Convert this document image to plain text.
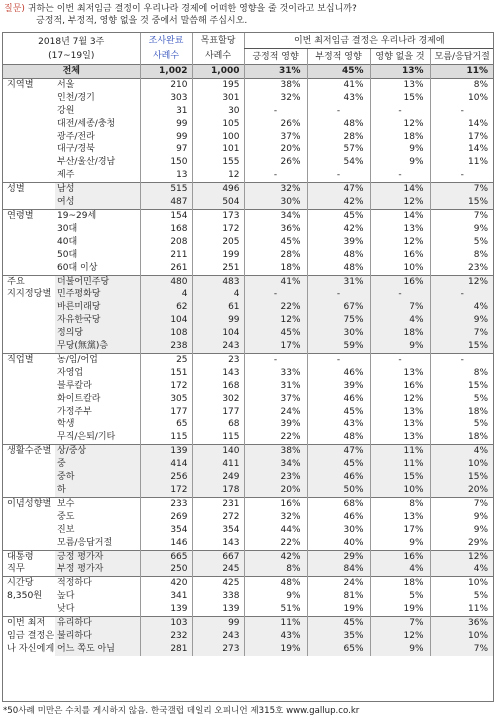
질문) 귀하는 이번 최저임금 결정이 우리나라 경제에 어떠한 영향을 줄 것이라고 보십니까?
긍정적, 부정적, 영향 없을 것 중에서 말씀해 주십시오.
2018년 7월 3주
(17~19일)		조사완료	목표할당	이번 최저임금 결정은 우리나라 경제에			
		사례수	사례수	긍정적 영향	부정적 영향	영향 없을 것	모름/응답거절
전체		1,002	1,000	31%	45%	13%	11%

지역별	서울	210	195	38%	41%	13%	8%
	인천/경기	303	301	32%	43%	15%	10%
	강원	31	30	-	-	-	-
	대전/세종/충청	99	105	26%	48%	12%	14%
	광주/전라	99	100	37%	28%	18%	17%
	대구/경북	97	101	20%	57%	9%	14%
	부산/울산/경남	150	155	26%	54%	9%	11%
	제주	13	12	-	-	-	-

성별	남성	515	496	32%	47%	14%	7%
	여성	487	504	30%	42%	12%	15%

연령별	19~29세	154	173	34%	45%	14%	7%
	30대	168	172	36%	42%	13%	9%
	40대	208	205	45%	39%	12%	5%
	50대	211	199	28%	48%	16%	8%
	60대 이상	261	251	18%	48%	10%	23%

주요
지지정당별	더불어민주당	480	483	41%	31%	16%	12%
	민주평화당	4	4	-	-	-	-
	바른미래당	62	61	22%	67%	7%	4%
	자유한국당	104	99	12%	75%	4%	9%
	정의당	108	104	45%	30%	18%	7%
	무당(無黨)층	238	243	17%	59%	9%	15%

직업별	농/임/어업	25	23	-	-	-	-
	자영업	151	143	33%	46%	13%	8%
	블루칼라	172	168	31%	39%	16%	15%
	화이트칼라	305	302	37%	46%	12%	5%
	가정주부	177	177	24%	45%	13%	18%
	학생	65	68	39%	43%	13%	5%
	무직/은퇴/기타	115	115	22%	48%	13%	18%

생활수준별	상/중상	139	140	38%	47%	11%	4%
	중	414	411	34%	45%	11%	10%
	중하	256	249	23%	46%	15%	15%
	하	172	178	20%	50%	10%	20%

이념성향별	보수	233	231	16%	68%	8%	7%
	중도	269	272	32%	46%	13%	9%
	진보	354	354	44%	30%	17%	9%
	모름/응답거절	146	143	22%	40%	9%	29%

대통령
직무	긍정 평가자	665	667	42%	29%	16%	12%
	부정 평가자	250	245	8%	84%	4%	4%

시간당
8,350원	적정하다	420	425	48%	24%	18%	10%
	높다	341	338	9%	81%	5%	5%
	낮다	139	139	51%	19%	19%	11%

이번 최저
임금 결정은
나 자신에게	유리하다	103	99	11%	45%	7%	36%
	불리하다	232	243	43%	35%	12%	10%
	어느 쪽도 아님	281	273	19%	65%	9%	7%
*50사례 미만은 수치를 게시하지 않음. 한국갤럽 데일리 오피니언 제315호 www.gallup.co.kr
